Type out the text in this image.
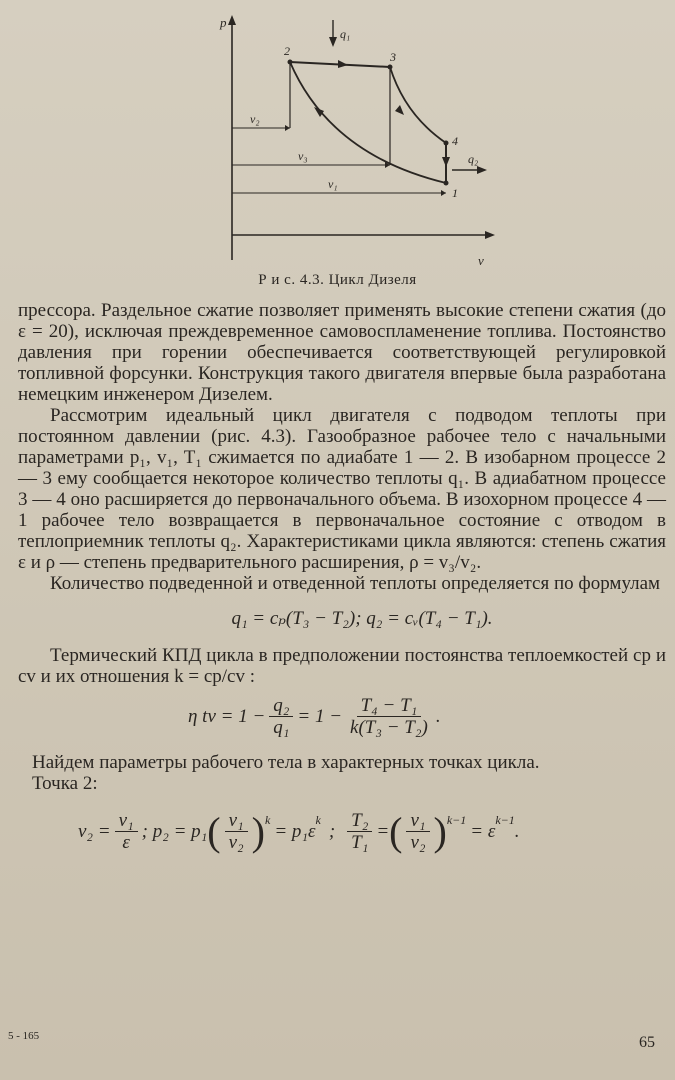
p
v
2	3
4
1
q₁
q₂
v₂
v₃
v₁
Р и с. 4.3. Цикл Дизеля

прессора. Раздельное сжатие позволяет применять высокие степени сжатия (до ε = 20), исключая преждевременное самовоспламенение топлива. Постоянство давления при горении обеспечивается соответствующей регулировкой топливной форсунки. Конструкция такого двигателя впервые была разработана немецким инженером Дизелем.

Рассмотрим идеальный цикл двигателя с подводом теплоты при постоянном давлении (рис. 4.3). Газообразное рабочее тело с начальными параметрами p₁, v₁, T₁ сжимается по адиабате 1 — 2. В изобарном процессе 2 — 3 ему сообщается некоторое количество теплоты q₁. В адиабатном процессе 3 — 4 оно расширяется до первоначального объема. В изохорном процессе 4 — 1 рабочее тело возвращается в первоначальное состояние с отводом в теплоприемник теплоты q₂. Характеристиками цикла являются: степень сжатия ε и ρ — степень предварительного расширения, ρ = v₃/v₂.

Количество подведенной и отведенной теплоты определяется по формулам

q₁ = cₚ(T₃ − T₂); q₂ = cᵥ(T₄ − T₁).

Термический КПД цикла в предположении постоянства теплоемкостей cp и cv и их отношения k = cp/cv :

η tv = $1 - \frac{\text{q₂}}{\text{q₁}} = 1 - \frac{\text{T₄ − T₁}}{\text{k(T₃ − T₂)}}$ .

Найдем параметры рабочего тела в характерных точках цикла.

Точка 2:

$v_2 = \frac{\text{v₁}}{\varepsilon}$ ; p₂ = p₁ ( $\frac{\text{v₁}}{\text{v₂}} )^k$
= p₁ε
$^k$
; $\frac{\text{T₂}}{\text{T₁}}$ = ( $\frac{\text{v₁}}{\text{v₂}} )^{k-1}$
= ε
$^{k-1}$
.
5 - 165	65
